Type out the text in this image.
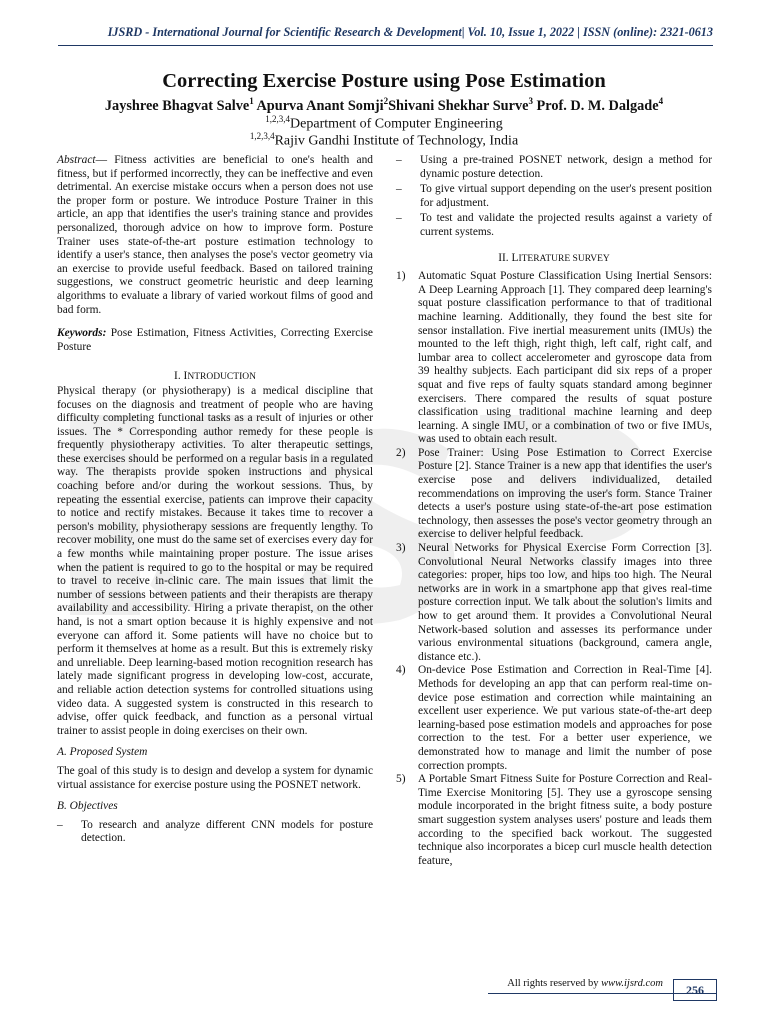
IJSRD - International Journal for Scientific Research & Development| Vol. 10, Issue 1, 2022 | ISSN (online): 2321-0613
Correcting Exercise Posture using Pose Estimation
Jayshree Bhagvat Salve$^1$ Apurva Anant Somji$^2$Shivani Shekhar Surve$^3$ Prof. D. M. Dalgade$^4$
$^{1,2,3,4}$Department of Computer Engineering
$^{1,2,3,4}$Rajiv Gandhi Institute of Technology, India

Abstract— Fitness activities are beneficial to one's health and fitness, but if performed incorrectly, they can be ineffective and even detrimental. An exercise mistake occurs when a person does not use the proper form or posture. We introduce Posture Trainer in this article, an app that identifies the user's training stance and provides personalized, thorough advice on how to improve form. Posture Trainer uses state-of-the-art posture estimation technology to identify a user's stance, then analyses the pose's vector geometry via an exercise to provide useful feedback. Based on tailored training suggestions, we construct geometric heuristic and deep learning algorithms to evaluate a library of varied workout films of good and bad form.

Keywords: Pose Estimation, Fitness Activities, Correcting Exercise Posture

I. INTRODUCTION

Physical therapy (or physiotherapy) is a medical discipline that focuses on the diagnosis and treatment of people who are having difficulty completing functional tasks as a result of injuries or other issues. The * Corresponding author remedy for these people is frequently physiotherapy activities. To alter therapeutic settings, these exercises should be performed on a regular basis in a regulated way. The therapists provide spoken instructions and physical coaching before and/or during the workout sessions. Thus, by repeating the essential exercise, patients can improve their capacity to notice and rectify mistakes. Because it takes time to recover a person's mobility, physiotherapy sessions are frequently lengthy. To recover mobility, one must do the same set of exercises every day for a few months while maintaining proper posture. The issue arises when the patient is required to go to the hospital or may be required to travel to receive in-clinic care. The main issues that limit the number of sessions between patients and their therapists are therapy availability and accessibility. Hiring a private therapist, on the other hand, is not a smart option because it is highly expensive and not everyone can afford it. Some patients will have no choice but to perform it themselves at home as a result. But this is extremely risky and unreliable. Deep learning-based motion recognition research has lately made significant progress in developing low-cost, accurate, and reliable action detection systems for controlled situations using video data. A suggested system is constructed in this research to advise, offer quick feedback, and function as a personal virtual trainer to assist people in doing exercises on their own.

A. Proposed System

The goal of this study is to design and develop a system for dynamic virtual assistance for exercise posture using the POSNET network.

B. Objectives

–	To research and analyze different CNN models for posture detection.
–	Using a pre-trained POSNET network, design a method for dynamic posture detection.
–	To give virtual support depending on the user's present position for adjustment.
–	To test and validate the projected results against a variety of current systems.

II. LITERATURE SURVEY

1)	Automatic Squat Posture Classification Using Inertial Sensors: A Deep Learning Approach [1]. They compared deep learning's squat posture classification performance to that of traditional machine learning. Additionally, they found the best site for sensor installation. Five inertial measurement units (IMUs) the mounted to the left thigh, right thigh, left calf, right calf, and lumbar area to collect accelerometer and gyroscope data from 39 healthy subjects. Each participant did six reps of a proper squat and five reps of faulty squats standard among beginner exercisers. There compared the results of squat posture classification using traditional machine learning and deep learning. A single IMU, or a combination of two or five IMUs, was used to obtain each result.
2)	Pose Trainer: Using Pose Estimation to Correct Exercise Posture [2]. Stance Trainer is a new app that identifies the user's exercise pose and delivers individualized, detailed recommendations on improving the user's form. Stance Trainer detects a user's posture using state-of-the-art pose estimation technology, then assesses the pose's vector geometry through an exercise to deliver helpful feedback.
3)	Neural Networks for Physical Exercise Form Correction [3]. Convolutional Neural Networks classify images into three categories: proper, hips too low, and hips too high. The Neural networks are in work in a smartphone app that gives real-time posture correction input. We talk about the solution's limits and how to get around them. It provides a Convolutional Neural Network-based solution and assesses its performance under various environmental situations (background, camera angle, distance etc.).
4)	On-device Pose Estimation and Correction in Real-Time [4]. Methods for developing an app that can perform real-time on-device pose estimation and correction while maintaining an excellent user experience. We put various state-of-the-art deep learning-based pose estimation models and approaches for pose correction to the test. For a better user experience, we demonstrated how to manage and limit the number of pose correction prompts.
5)	A Portable Smart Fitness Suite for Posture Correction and Real-Time Exercise Monitoring [5]. They use a gyroscope sensing module incorporated in the bright fitness suite, a body posture smart suggestion system analyses users' posture and leads them according to the specified back workout. The suggested technique also incorporates a bicep curl muscle health detection feature,
All rights reserved by www.ijsrd.com	256
